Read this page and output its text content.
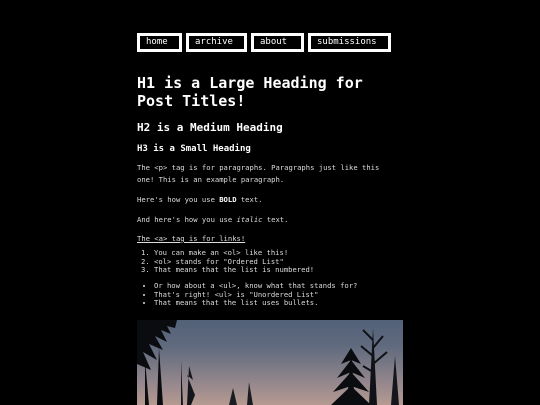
home	archive	about	submissions
H1 is a Large Heading for Post Titles!
H2 is a Medium Heading
H3 is a Small Heading

The <p> tag is for paragraphs. Paragraphs just like this one! This is an example paragraph.

Here's how you use BOLD text.

And here's how you use italic text.

The <a> tag is for links!

1. You can make an <ol> like this!
2. <ol> stands for "Ordered List"
3. That means that the list is numbered!
• Or how about a <ul>, know what that stands for?
• That's right! <ul> is "Unordered List"
• That means that the list uses bullets.
